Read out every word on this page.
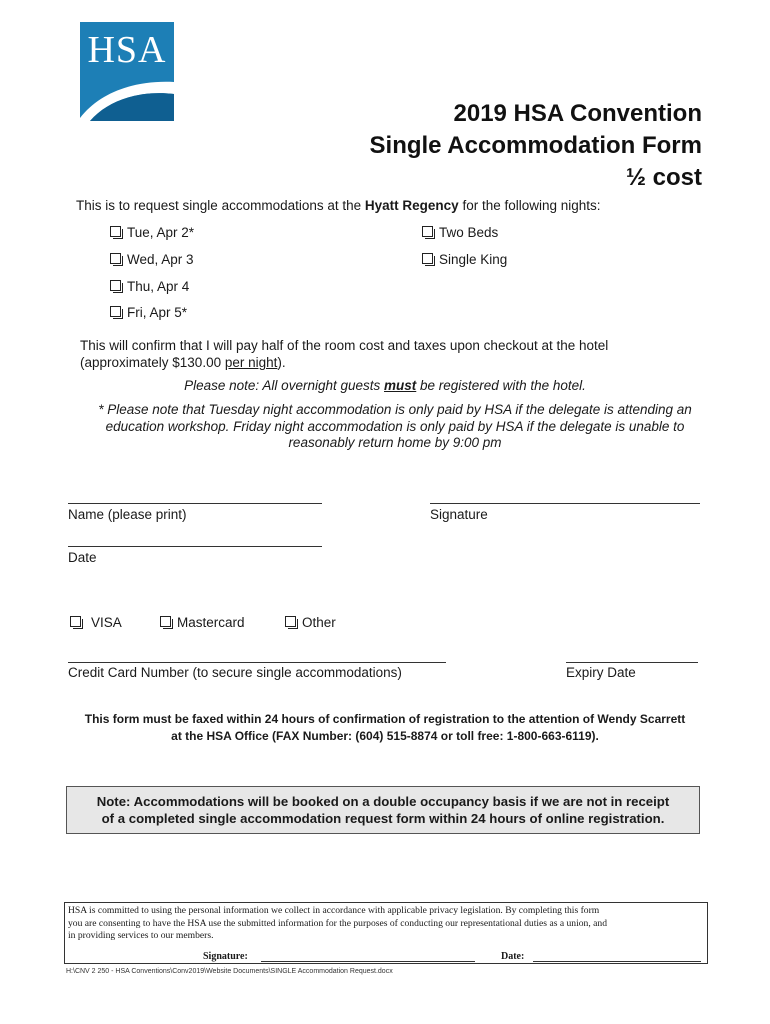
HSA
2019 HSA Convention
Single Accommodation Form
½ cost
This is to request single accommodations at the Hyatt Regency for the following nights:
Tue, Apr 2*
Wed, Apr 3
Thu, Apr 4
Fri, Apr 5*
Two Beds
Single King
This will confirm that I will pay half of the room cost and taxes upon checkout at the hotel
(approximately $130.00 per night).
Please note: All overnight guests must be registered with the hotel.
* Please note that Tuesday night accommodation is only paid by HSA if the delegate is attending an
education workshop. Friday night accommodation is only paid by HSA if the delegate is unable to
reasonably return home by 9:00 pm
Name (please print)	Signature
Date
VISA	Mastercard	Other
Credit Card Number (to secure single accommodations)	Expiry Date
This form must be faxed within 24 hours of confirmation of registration to the attention of Wendy Scarrett
at the HSA Office (FAX Number: (604) 515-8874 or toll free: 1-800-663-6119).
Note: Accommodations will be booked on a double occupancy basis if we are not in receipt
of a completed single accommodation request form within 24 hours of online registration.
HSA is committed to using the personal information we collect in accordance with applicable privacy legislation. By completing this form
you are consenting to have the HSA use the submitted information for the purposes of conducting our representational duties as a union, and
in providing services to our members.
Signature:	Date:
H:\CNV 2 250 - HSA Conventions\Conv2019\Website Documents\SINGLE Accommodation Request.docx
